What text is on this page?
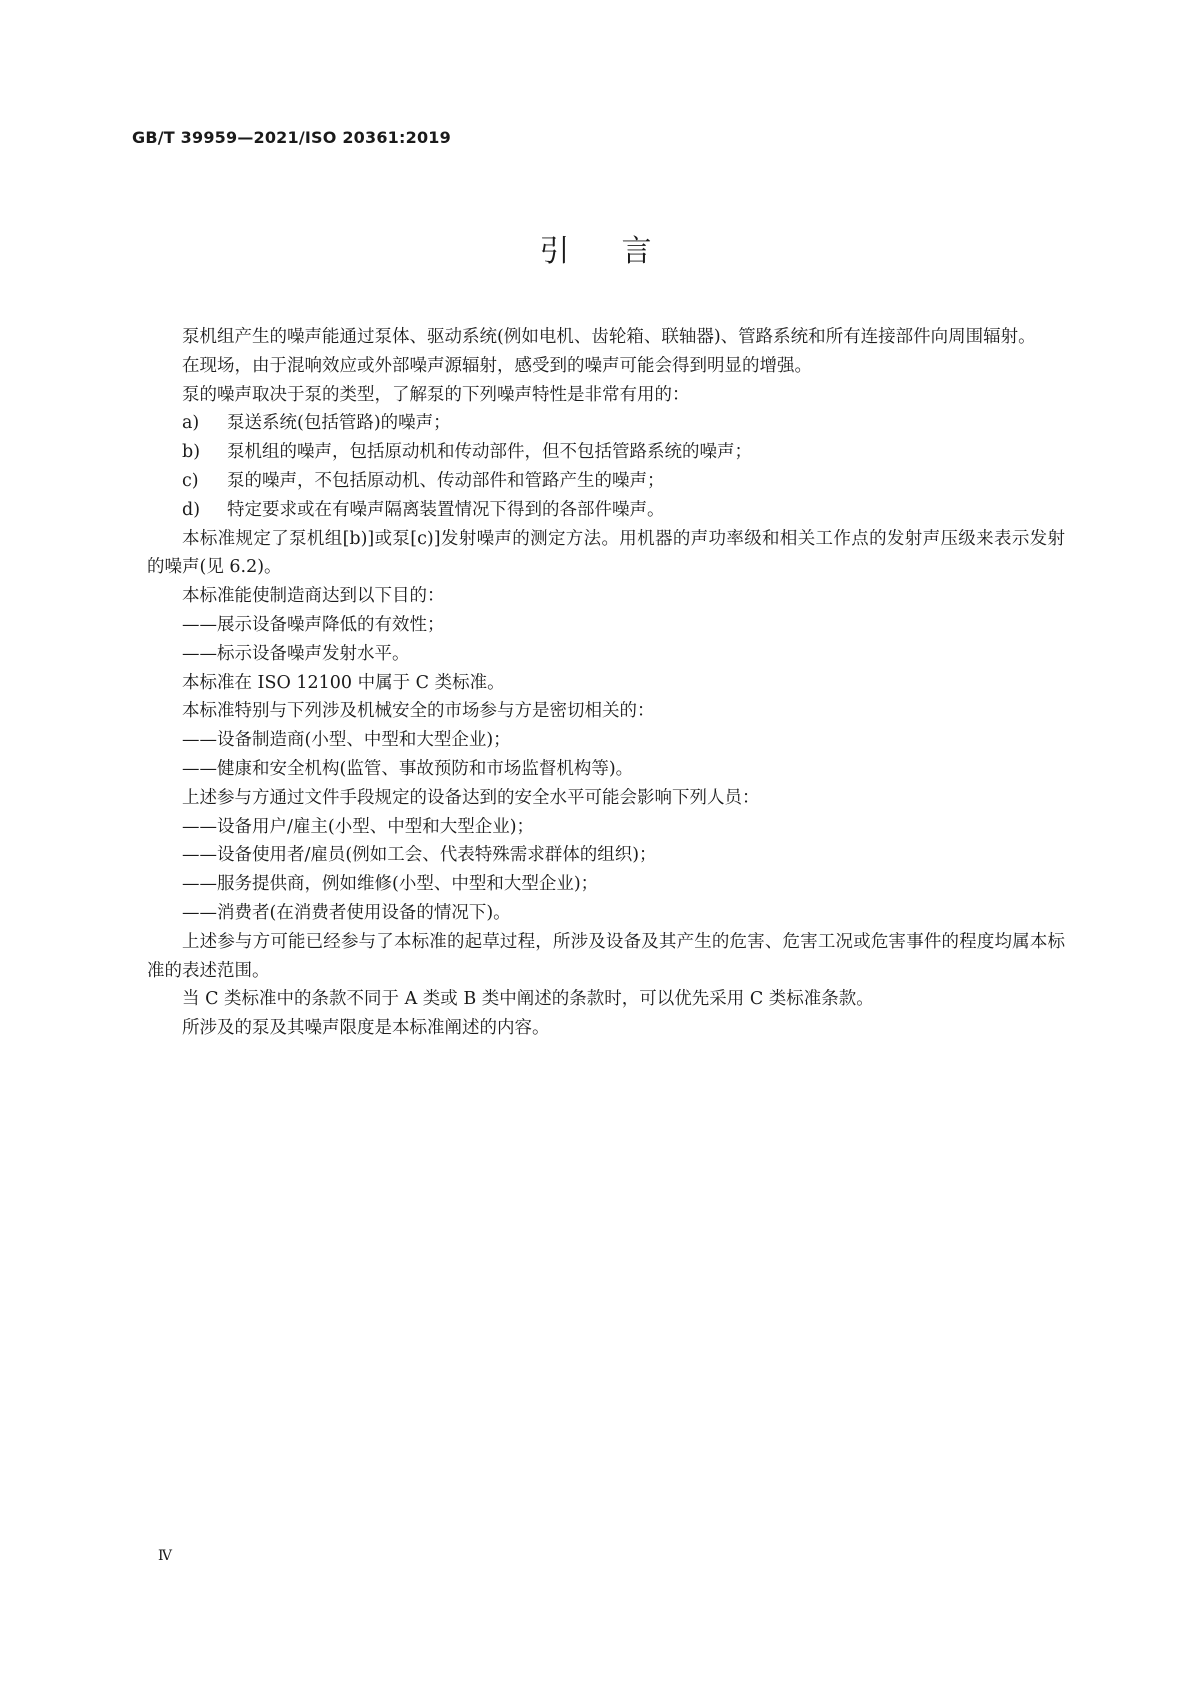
GB/T 39959—2021/ISO 20361:2019
引言

泵机组产生的噪声能通过泵体、驱动系统(例如电机、齿轮箱、联轴器)、管路系统和所有连接部件向周围辐射。

在现场，由于混响效应或外部噪声源辐射，感受到的噪声可能会得到明显的增强。

泵的噪声取决于泵的类型，了解泵的下列噪声特性是非常有用的：

a) 泵送系统(包括管路)的噪声；

b) 泵机组的噪声，包括原动机和传动部件，但不包括管路系统的噪声；

c) 泵的噪声，不包括原动机、传动部件和管路产生的噪声；

d) 特定要求或在有噪声隔离装置情况下得到的各部件噪声。

本标准规定了泵机组[b)]或泵[c)]发射噪声的测定方法。用机器的声功率级和相关工作点的发射声压级来表示发射的噪声(见 6.2)。

本标准能使制造商达到以下目的：

——展示设备噪声降低的有效性；

——标示设备噪声发射水平。

本标准在 ISO 12100 中属于 C 类标准。

本标准特别与下列涉及机械安全的市场参与方是密切相关的：

——设备制造商(小型、中型和大型企业)；

——健康和安全机构(监管、事故预防和市场监督机构等)。

上述参与方通过文件手段规定的设备达到的安全水平可能会影响下列人员：

——设备用户/雇主(小型、中型和大型企业)；

——设备使用者/雇员(例如工会、代表特殊需求群体的组织)；

——服务提供商，例如维修(小型、中型和大型企业)；

——消费者(在消费者使用设备的情况下)。

上述参与方可能已经参与了本标准的起草过程，所涉及设备及其产生的危害、危害工况或危害事件的程度均属本标准的表述范围。

当 C 类标准中的条款不同于 A 类或 B 类中阐述的条款时，可以优先采用 C 类标准条款。

所涉及的泵及其噪声限度是本标准阐述的内容。

Ⅳ
